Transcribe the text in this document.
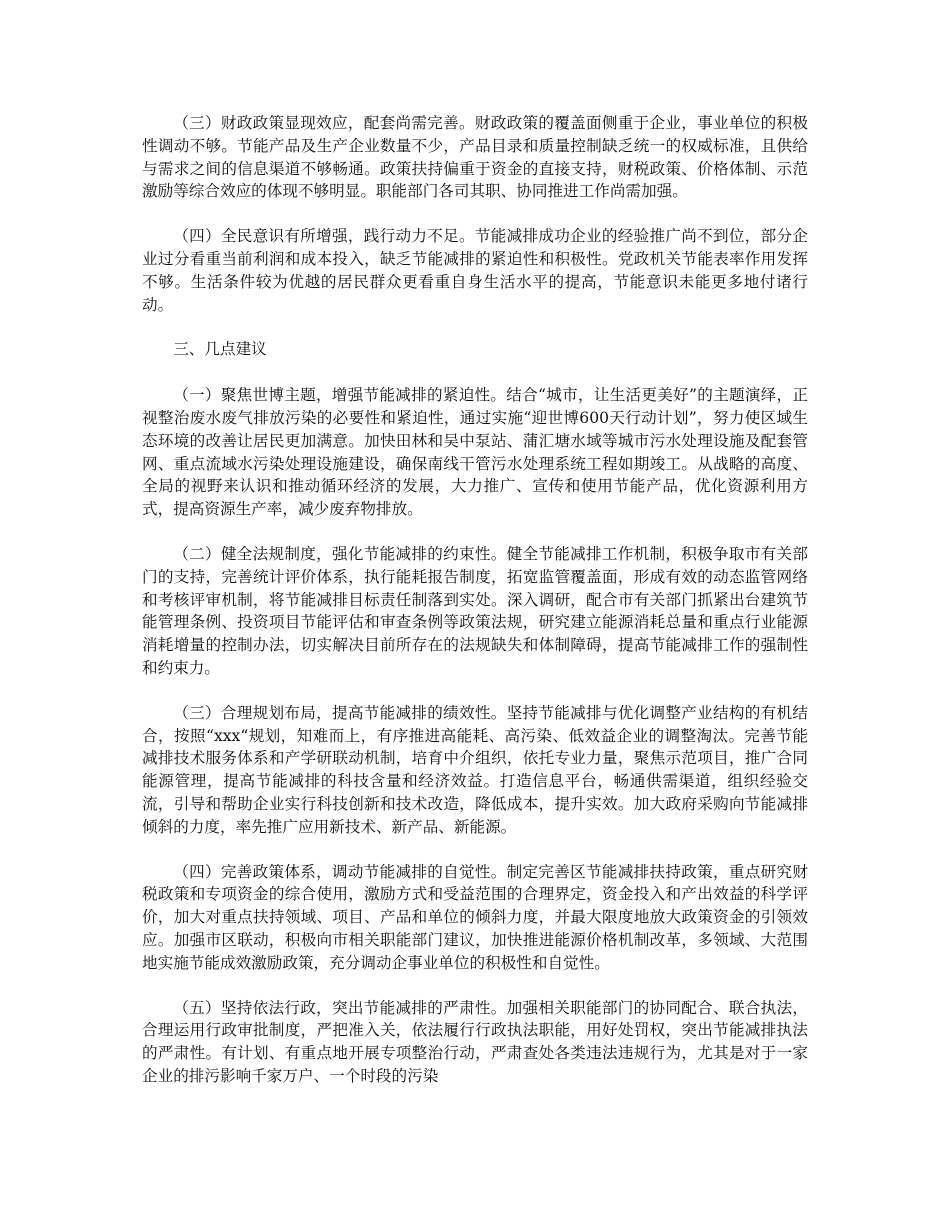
（三）财政政策显现效应，配套尚需完善。财政政策的覆盖面侧重于企业，事业单位的积极性调动不够。节能产品及生产企业数量不少，产品目录和质量控制缺乏统一的权威标准，且供给与需求之间的信息渠道不够畅通。政策扶持偏重于资金的直接支持，财税政策、价格体制、示范激励等综合效应的体现不够明显。职能部门各司其职、协同推进工作尚需加强。

（四）全民意识有所增强，践行动力不足。节能减排成功企业的经验推广尚不到位，部分企业过分看重当前利润和成本投入，缺乏节能减排的紧迫性和积极性。党政机关节能表率作用发挥不够。生活条件较为优越的居民群众更看重自身生活水平的提高，节能意识未能更多地付诸行动。

三、几点建议

（一）聚焦世博主题，增强节能减排的紧迫性。结合“城市，让生活更美好”的主题演绎，正视整治废水废气排放污染的必要性和紧迫性，通过实施“迎世博600天行动计划”，努力使区域生态环境的改善让居民更加满意。加快田林和吴中泵站、蒲汇塘水域等城市污水处理设施及配套管网、重点流域水污染处理设施建设，确保南线干管污水处理系统工程如期竣工。从战略的高度、全局的视野来认识和推动循环经济的发展，大力推广、宣传和使用节能产品，优化资源利用方式，提高资源生产率，减少废弃物排放。

（二）健全法规制度，强化节能减排的约束性。健全节能减排工作机制，积极争取市有关部门的支持，完善统计评价体系，执行能耗报告制度，拓宽监管覆盖面，形成有效的动态监管网络和考核评审机制，将节能减排目标责任制落到实处。深入调研，配合市有关部门抓紧出台建筑节能管理条例、投资项目节能评估和审查条例等政策法规，研究建立能源消耗总量和重点行业能源消耗增量的控制办法，切实解决目前所存在的法规缺失和体制障碍，提高节能减排工作的强制性和约束力。

（三）合理规划布局，提高节能减排的绩效性。坚持节能减排与优化调整产业结构的有机结合，按照“xxx“规划，知难而上，有序推进高能耗、高污染、低效益企业的调整淘汰。完善节能减排技术服务体系和产学研联动机制，培育中介组织，依托专业力量，聚焦示范项目，推广合同能源管理，提高节能减排的科技含量和经济效益。打造信息平台，畅通供需渠道，组织经验交流，引导和帮助企业实行科技创新和技术改造，降低成本，提升实效。加大政府采购向节能减排倾斜的力度，率先推广应用新技术、新产品、新能源。

（四）完善政策体系，调动节能减排的自觉性。制定完善区节能减排扶持政策，重点研究财税政策和专项资金的综合使用，激励方式和受益范围的合理界定，资金投入和产出效益的科学评价，加大对重点扶持领域、项目、产品和单位的倾斜力度，并最大限度地放大政策资金的引领效应。加强市区联动，积极向市相关职能部门建议，加快推进能源价格机制改革，多领域、大范围地实施节能成效激励政策，充分调动企事业单位的积极性和自觉性。

（五）坚持依法行政，突出节能减排的严肃性。加强相关职能部门的协同配合、联合执法，合理运用行政审批制度，严把准入关，依法履行行政执法职能，用好处罚权，突出节能减排执法的严肃性。有计划、有重点地开展专项整治行动，严肃查处各类违法违规行为，尤其是对于一家企业的排污影响千家万户、一个时段的污染
